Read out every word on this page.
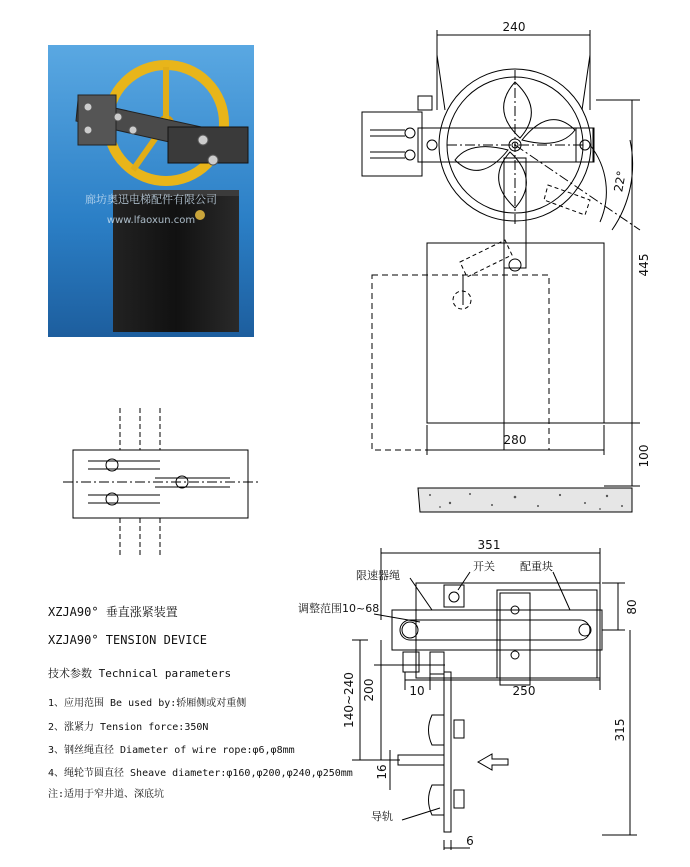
廊坊奥迅电梯配件有限公司
www.lfaoxun.com
240
22°
445
280
100
351
80
10	250
200
140~240
315
16
6
限速器绳
开关 配重块
调整范围10~68
导轨
XZJA90° 垂直涨紧装置
XZJA90° TENSION DEVICE
技术参数 Technical parameters
1、应用范围 Be used by:轿厢侧或对重侧
2、涨紧力 Tension force:350N
3、钢丝绳直径 Diameter of wire rope:φ6,φ8mm
4、绳轮节圆直径 Sheave diameter:φ160,φ200,φ240,φ250mm
注:适用于窄井道、深底坑
